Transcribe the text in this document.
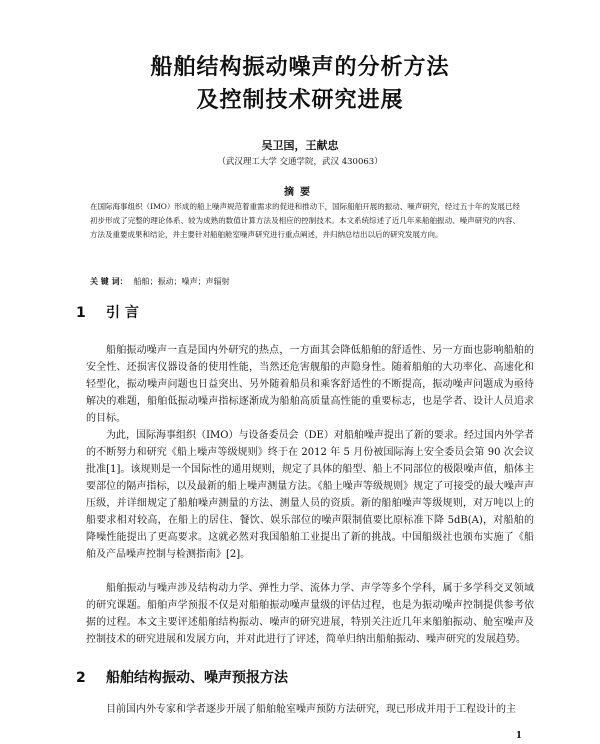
船舶结构振动噪声的分析方法
及控制技术研究进展
吴卫国，王献忠
（武汉理工大学 交通学院，武汉 430063）
摘要
在国际海事组织（IMO）形成的船上噪声规范着重需求的促进和推动下，国际船舶开展的振动、噪声研究，经过五十年的发展已经初步形成了完整的理论体系、较为成熟的数值计算方法及相应的控制技术。本文系统综述了近几年来船舶振动、噪声研究的内容、方法及重要成果和结论，并主要针对船舶舱室噪声研究进行重点阐述，并归纳总结出以后的研究发展方向。
关 键 词： 船舶；振动；噪声；声辐射
1 引 言

船舶振动噪声一直是国内外研究的热点，一方面其会降低船舶的舒适性、另一方面也影响船舶的安全性、还损害仪器设备的使用性能，当然还危害舰船的声隐身性。随着船舶的大功率化、高速化和轻型化，振动噪声问题也日益突出、另外随着船员和乘客舒适性的不断提高，振动噪声问题成为亟待解决的难题，船舶低振动噪声指标逐渐成为船舶高质量高性能的重要标志，也是学者、设计人员追求的目标。

为此，国际海事组织（IMO）与设备委员会（DE）对船舶噪声提出了新的要求。经过国内外学者的不断努力和研究《船上噪声等级规则》终于在 2012 年 5 月份被国际海上安全委员会第 90 次会议批准[1]。该规则是一个国际性的通用规则，规定了具体的船型、船上不同部位的极限噪声值，船体主要部位的隔声指标，以及最新的船上噪声测量方法。《船上噪声等级规则》规定了可接受的最大噪声声压级，并详细规定了船舶噪声测量的方法、测量人员的资质。新的船舶噪声等级规则，对万吨以上的船要求相对较高，在船上的居住、餐饮、娱乐部位的噪声限制值要比原标准下降 5dB(A)，对船舶的降噪性能提出了更高要求。这就必然对我国船舶工业提出了新的挑战。中国船级社也颁布实施了《船舶及产品噪声控制与检测指南》[2]。

船舶振动与噪声涉及结构动力学、弹性力学、流体力学、声学等多个学科，属于多学科交叉领域的研究课题。船舶声学预报不仅是对船舶振动噪声量级的评估过程，也是为振动噪声控制提供参考依据的过程。本文主要评述船舶结构振动、噪声的研究进展，特别关注近几年来船舶振动、舱室噪声及控制技术的研究进展和发展方向，并对此进行了评述，简单归纳出船舶振动、噪声研究的发展趋势。

2 船舶结构振动、噪声预报方法

目前国内外专家和学者逐步开展了船舶舱室噪声预防方法研究，现已形成并用于工程设计的主

1
